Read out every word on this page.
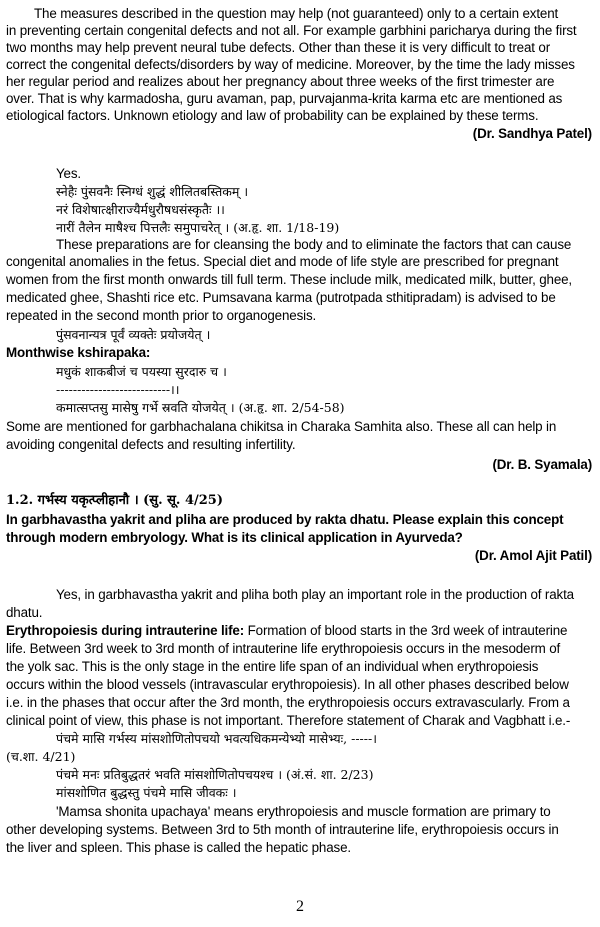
The measures described in the question may help (not guaranteed) only to a certain extent
in preventing certain congenital defects and not all. For example garbhini paricharya during the first
two months may help prevent neural tube defects. Other than these it is very difficult to treat or
correct the congenital defects/disorders by way of medicine. Moreover, by the time the lady misses
her regular period and realizes about her pregnancy about three weeks of the first trimester are
over. That is why karmadosha, guru avaman, pap, purvajanma-krita karma etc are mentioned as
etiological factors. Unknown etiology and law of probability can be explained by these terms.
(Dr. Sandhya Patel)
Yes.
स्नेहैः पुंसवनैः स्निग्धं शुद्धं शीलितबस्तिकम् ।
नरं विशेषात्क्षीराज्यैर्मधुरौषधसंस्कृतैः ।।
नारीं तैलेन माषैश्च पित्तलैः समुपाचरेत् । (अ.हृ. शा. 1/18-19)
These preparations are for cleansing the body and to eliminate the factors that can cause
congenital anomalies in the fetus. Special diet and mode of life style are prescribed for pregnant
women from the first month onwards till full term. These include milk, medicated milk, butter, ghee,
medicated ghee, Shashti rice etc. Pumsavana karma (putrotpada sthitipradam) is advised to be
repeated in the second month prior to organogenesis.
पुंसवनान्यत्र पूर्वं व्यक्तेः प्रयोजयेत् ।
Monthwise kshirapaka:
मधुकं शाकबीजं च पयस्या सुरदारु च ।
---------------------------।।
कमात्सप्तसु मासेषु गर्भे स्रवति योजयेत् । (अ.हृ. शा. 2/54-58)
Some are mentioned for garbhachalana chikitsa in Charaka Samhita also. These all can help in
avoiding congenital defects and resulting infertility.
(Dr. B. Syamala)
1.2. गर्भस्य यकृत्प्लीहानौ । (सु. सू. 4/25)
In garbhavastha yakrit and pliha are produced by rakta dhatu. Please explain this concept
through modern embryology. What is its clinical application in Ayurveda?
(Dr. Amol Ajit Patil)
Yes, in garbhavastha yakrit and pliha both play an important role in the production of rakta
dhatu.
Erythropoiesis during intrauterine life: Formation of blood starts in the 3rd week of intrauterine
life. Between 3rd week to 3rd month of intrauterine life erythropoiesis occurs in the mesoderm of
the yolk sac. This is the only stage in the entire life span of an individual when erythropoiesis
occurs within the blood vessels (intravascular erythropoiesis). In all other phases described below
i.e. in the phases that occur after the 3rd month, the erythropoiesis occurs extravascularly. From a
clinical point of view, this phase is not important. Therefore statement of Charak and Vagbhatt i.e.-
पंचमे मासि गर्भस्य मांसशोणितोपचयो भवत्यधिकमन्येभ्यो मासेभ्यः, -----।
(च.शा. 4/21)
पंचमे मनः प्रतिबुद्धतरं भवति मांसशोणितोपचयश्च । (अं.सं. शा. 2/23)
मांसशोणित बुद्धस्तु पंचमे मासि जीवकः ।
'Mamsa shonita upachaya' means erythropoiesis and muscle formation are primary to
other developing systems. Between 3rd to 5th month of intrauterine life, erythropoiesis occurs in
the liver and spleen. This phase is called the hepatic phase.
2
